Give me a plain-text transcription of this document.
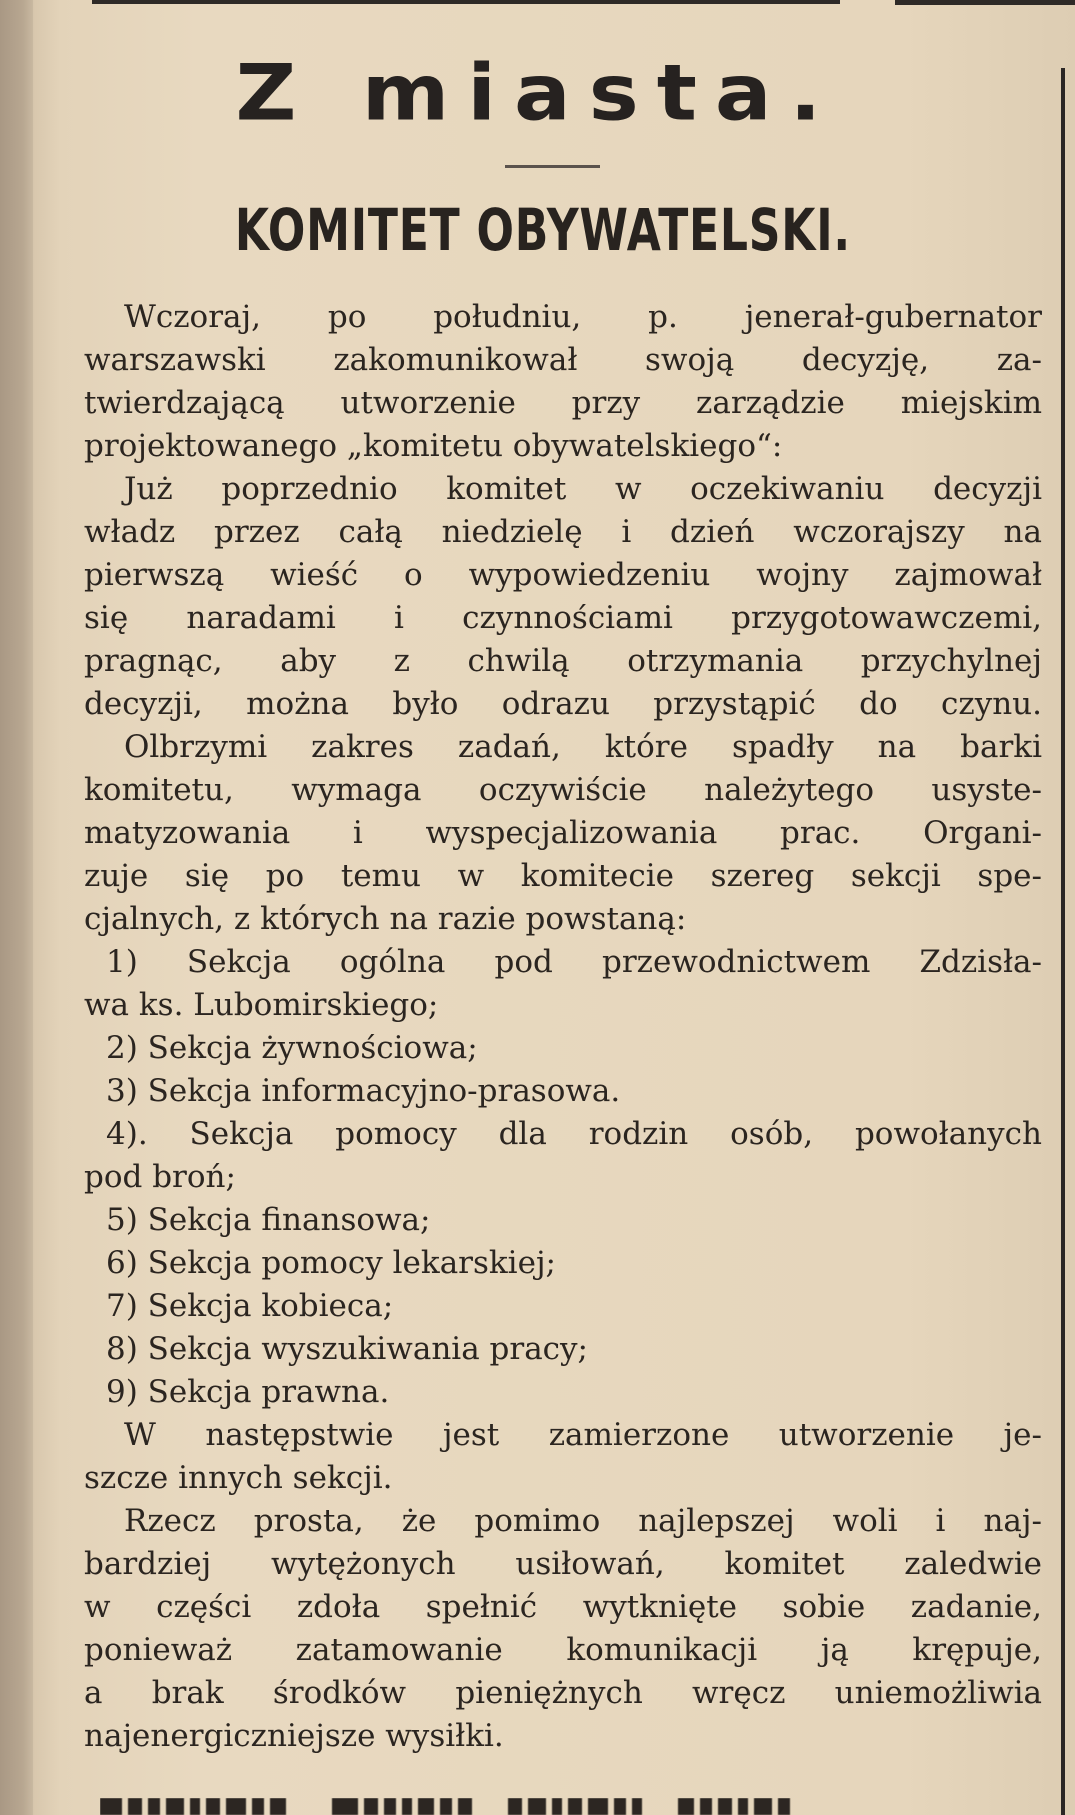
Z miasta.
KOMITET OBYWATELSKI.
Wczoraj, po południu, p. jenerał-gubernator
warszawski zakomunikował swoją decyzję, za-
twierdzającą utworzenie przy zarządzie miejskim
projektowanego „komitetu obywatelskiego“:
Już poprzednio komitet w oczekiwaniu decyzji
władz przez całą niedzielę i dzień wczorajszy na
pierwszą wieść o wypowiedzeniu wojny zajmował
się naradami i czynnościami przygotowawczemi,
pragnąc, aby z chwilą otrzymania przychylnej
decyzji, można było odrazu przystąpić do czynu.
Olbrzymi zakres zadań, które spadły na barki
komitetu, wymaga oczywiście należytego usyste-
matyzowania i wyspecjalizowania prac. Organi-
zuje się po temu w komitecie szereg sekcji spe-
cjalnych, z których na razie powstaną:
1) Sekcja ogólna pod przewodnictwem Zdzisła-
wa ks. Lubomirskiego;
2) Sekcja żywnościowa;
3) Sekcja informacyjno-prasowa.
4). Sekcja pomocy dla rodzin osób, powołanych
pod broń;
5) Sekcja finansowa;
6) Sekcja pomocy lekarskiej;
7) Sekcja kobieca;
8) Sekcja wyszukiwania pracy;
9) Sekcja prawna.
W następstwie jest zamierzone utworzenie je-
szcze innych sekcji.
Rzecz prosta, że pomimo najlepszej woli i naj-
bardziej wytężonych usiłowań, komitet zaledwie
w części zdoła spełnić wytknięte sobie zadanie,
ponieważ zatamowanie komunikacji ją krępuje,
a brak środków pieniężnych wręcz uniemożliwia
najenergiczniejsze wysiłki.
